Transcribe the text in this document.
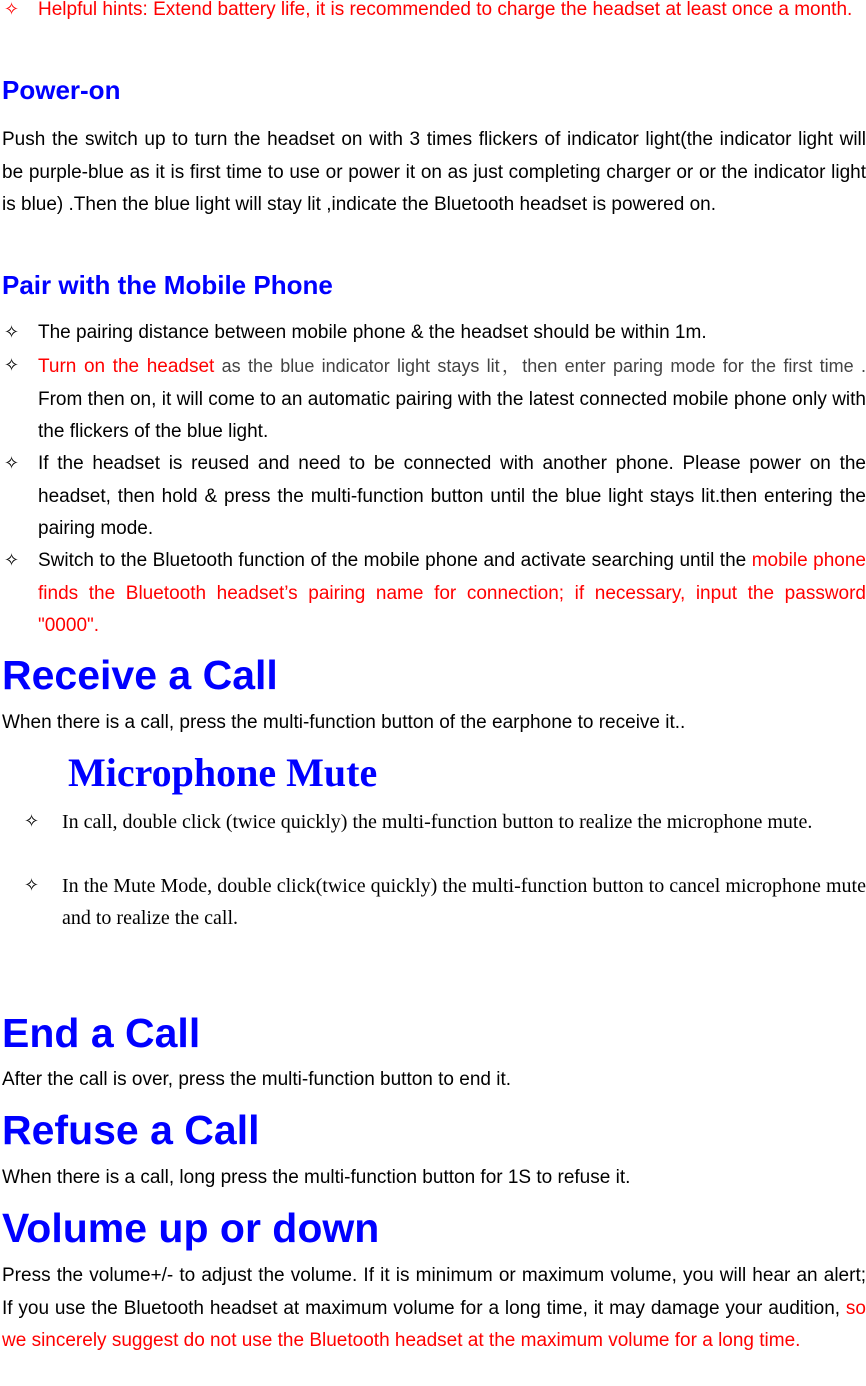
✧ Helpful hints: Extend battery life, it is recommended to charge the headset at least once a month.
Power-on
Push the switch up to turn the headset on with 3 times flickers of indicator light(the indicator light will be purple-blue as it is first time to use or power it on as just completing charger or or the indicator light is blue) .Then the blue light will stay lit ,indicate the Bluetooth headset is powered on.
Pair with the Mobile Phone
✧ The pairing distance between mobile phone & the headset should be within 1m.
✧ Turn on the headset as the blue indicator light stays lit，then enter paring mode for the first time . From then on, it will come to an automatic pairing with the latest connected mobile phone only with the flickers of the blue light.
✧ If the headset is reused and need to be connected with another phone. Please power on the headset, then hold & press the multi-function button until the blue light stays lit.then entering the pairing mode.
✧ Switch to the Bluetooth function of the mobile phone and activate searching until the mobile phone finds the Bluetooth headset’s pairing name for connection; if necessary, input the password "0000".
Receive a Call
When there is a call, press the multi-function button of the earphone to receive it..
Microphone Mute
✧ In call, double click (twice quickly) the multi-function button to realize the microphone mute.
✧ In the Mute Mode, double click(twice quickly) the multi-function button to cancel microphone mute and to realize the call.
End a Call
After the call is over, press the multi-function button to end it.
Refuse a Call
When there is a call, long press the multi-function button for 1S to refuse it.
Volume up or down
Press the volume+/- to adjust the volume. If it is minimum or maximum volume, you will hear an alert; If you use the Bluetooth headset at maximum volume for a long time, it may damage your audition, so we sincerely suggest do not use the Bluetooth headset at the maximum volume for a long time.
